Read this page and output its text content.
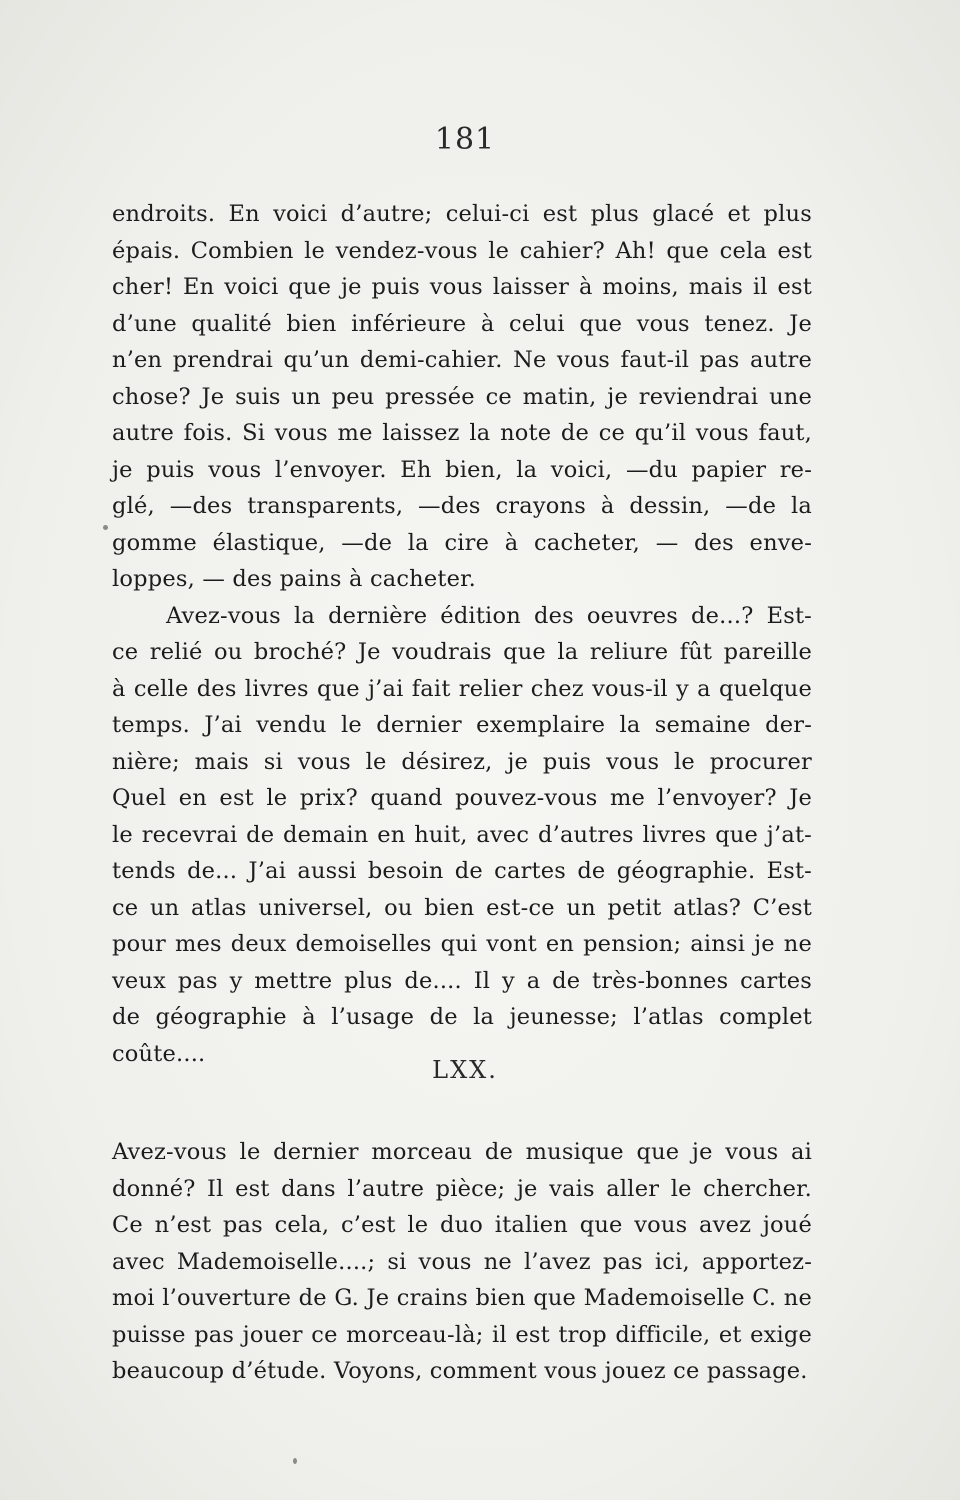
181
endroits. En voici d’autre; celui-ci est plus glacé et plus
épais. Combien le vendez-vous le cahier? Ah! que cela est
cher! En voici que je puis vous laisser à moins, mais il est
d’une qualité bien inférieure à celui que vous tenez. Je
n’en prendrai qu’un demi-cahier. Ne vous faut-il pas autre
chose? Je suis un peu pressée ce matin, je reviendrai une
autre fois. Si vous me laissez la note de ce qu’il vous faut,
je puis vous l’envoyer. Eh bien, la voici, —du papier re-
glé, —des transparents, —des crayons à dessin, —de la
gomme élastique, —de la cire à cacheter, — des enve-
loppes, — des pains à cacheter.
Avez-vous la dernière édition des oeuvres de...? Est-
ce relié ou broché? Je voudrais que la reliure fût pareille
à celle des livres que j’ai fait relier chez vous-il y a quelque
temps. J’ai vendu le dernier exemplaire la semaine der-
nière; mais si vous le désirez, je puis vous le procurer
Quel en est le prix? quand pouvez-vous me l’envoyer? Je
le recevrai de demain en huit, avec d’autres livres que j’at-
tends de... J’ai aussi besoin de cartes de géographie. Est-
ce un atlas universel, ou bien est-ce un petit atlas? C’est
pour mes deux demoiselles qui vont en pension; ainsi je ne
veux pas y mettre plus de.... Il y a de très-bonnes cartes
de géographie à l’usage de la jeunesse; l’atlas complet
coûte....
LXX.
Avez-vous le dernier morceau de musique que je vous ai
donné? Il est dans l’autre pièce; je vais aller le chercher.
Ce n’est pas cela, c’est le duo italien que vous avez joué
avec Mademoiselle....; si vous ne l’avez pas ici, apportez-
moi l’ouverture de G. Je crains bien que Mademoiselle C. ne
puisse pas jouer ce morceau-là; il est trop difficile, et exige
beaucoup d’étude. Voyons, comment vous jouez ce passage.
